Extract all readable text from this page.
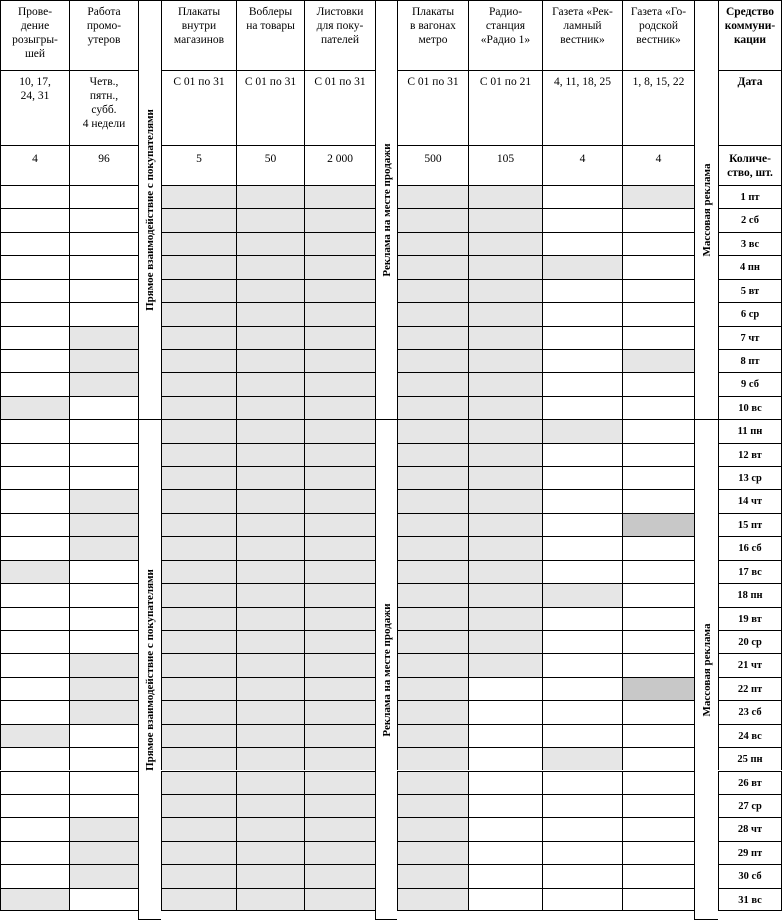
Прове-
дение
розыгры-
шей
10, 17,
24, 31
4
Работа
промо-
утеров
Четв.,
пятн.,
субб.
4 недели
96	Прямое взаимодействие с покупателями
Прямое взаимодействие с покупателями
Плакаты
внутри
магазинов
С 01 по 31
5
Воблеры
на товары
С 01 по 31
50
Листовки
для поку-
пателей
С 01 по 31
2 000	Реклама на месте продажи
Реклама на месте продажи
Плакаты
в вагонах
метро
С 01 по 31
500
Радио-
станция
«Радио 1»
С 01 по 21
105
Газета «Рек-
ламный
вестник»
4, 11, 18, 25
4
Газета «Го-
родской
вестник»
1, 8, 15, 22
4
Массовая реклама
Массовая реклама
Средство
коммуни-
кации
Дата
Количе-
ство, шт.
1 пт
2 сб
3 вс
4 пн
5 вт
6 ср
7 чт
8 пт
9 сб
10 вс
11 пн
12 вт
13 ср
14 чт
15 пт
16 сб
17 вс
18 пн
19 вт
20 ср
21 чт
22 пт
23 сб
24 вс
25 пн
26 вт
27 ср
28 чт
29 пт
30 сб
31 вс
